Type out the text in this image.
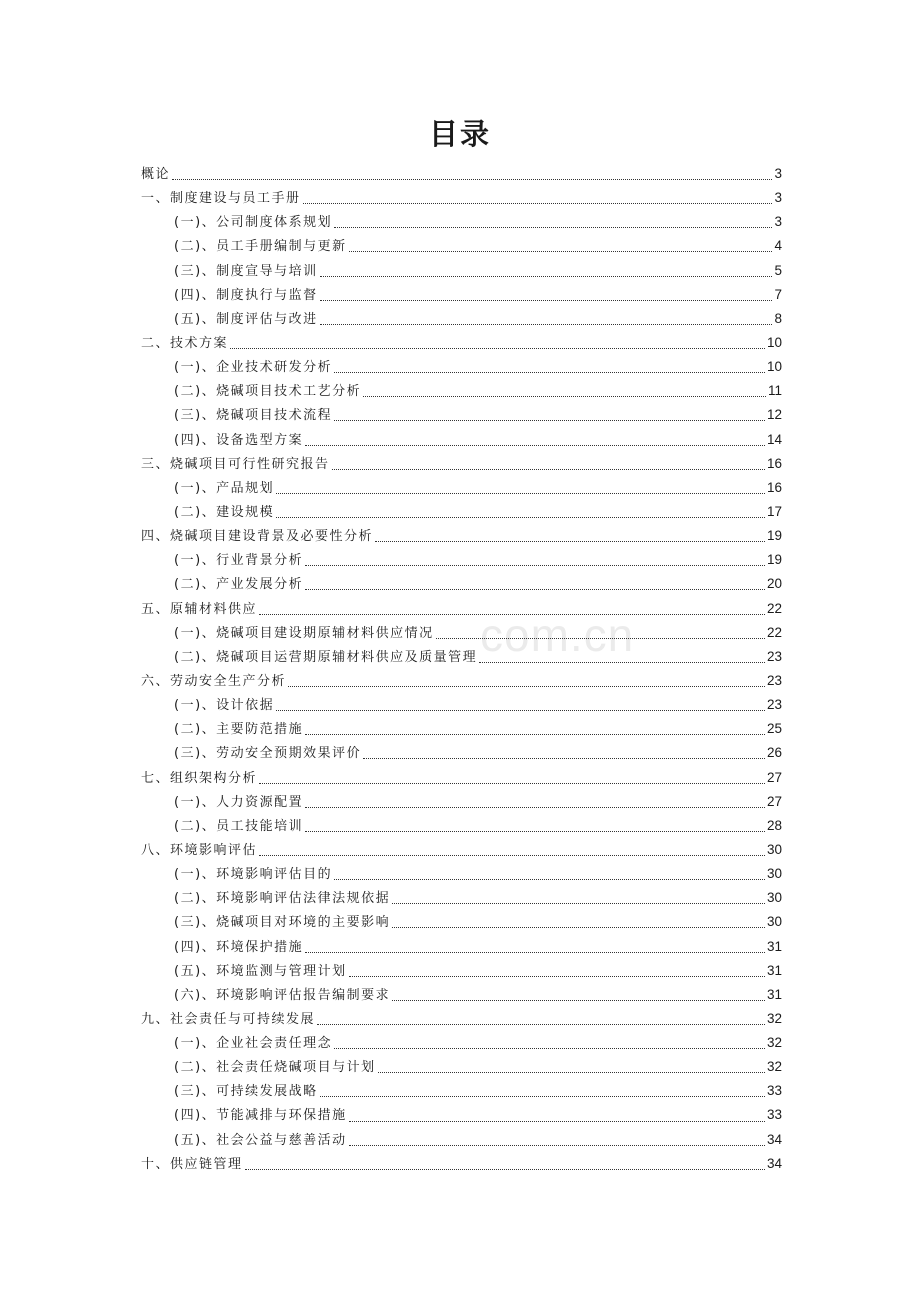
目录
com.cn
概论	3
一、制度建设与员工手册	3
(一)、公司制度体系规划	3
(二)、员工手册编制与更新	4
(三)、制度宣导与培训	5
(四)、制度执行与监督	7
(五)、制度评估与改进	8
二、技术方案	10
(一)、企业技术研发分析	10
(二)、烧碱项目技术工艺分析	11
(三)、烧碱项目技术流程	12
(四)、设备选型方案	14
三、烧碱项目可行性研究报告	16
(一)、产品规划	16
(二)、建设规模	17
四、烧碱项目建设背景及必要性分析	19
(一)、行业背景分析	19
(二)、产业发展分析	20
五、原辅材料供应	22
(一)、烧碱项目建设期原辅材料供应情况	22
(二)、烧碱项目运营期原辅材料供应及质量管理	23
六、劳动安全生产分析	23
(一)、设计依据	23
(二)、主要防范措施	25
(三)、劳动安全预期效果评价	26
七、组织架构分析	27
(一)、人力资源配置	27
(二)、员工技能培训	28
八、环境影响评估	30
(一)、环境影响评估目的	30
(二)、环境影响评估法律法规依据	30
(三)、烧碱项目对环境的主要影响	30
(四)、环境保护措施	31
(五)、环境监测与管理计划	31
(六)、环境影响评估报告编制要求	31
九、社会责任与可持续发展	32
(一)、企业社会责任理念	32
(二)、社会责任烧碱项目与计划	32
(三)、可持续发展战略	33
(四)、节能减排与环保措施	33
(五)、社会公益与慈善活动	34
十、供应链管理	34
